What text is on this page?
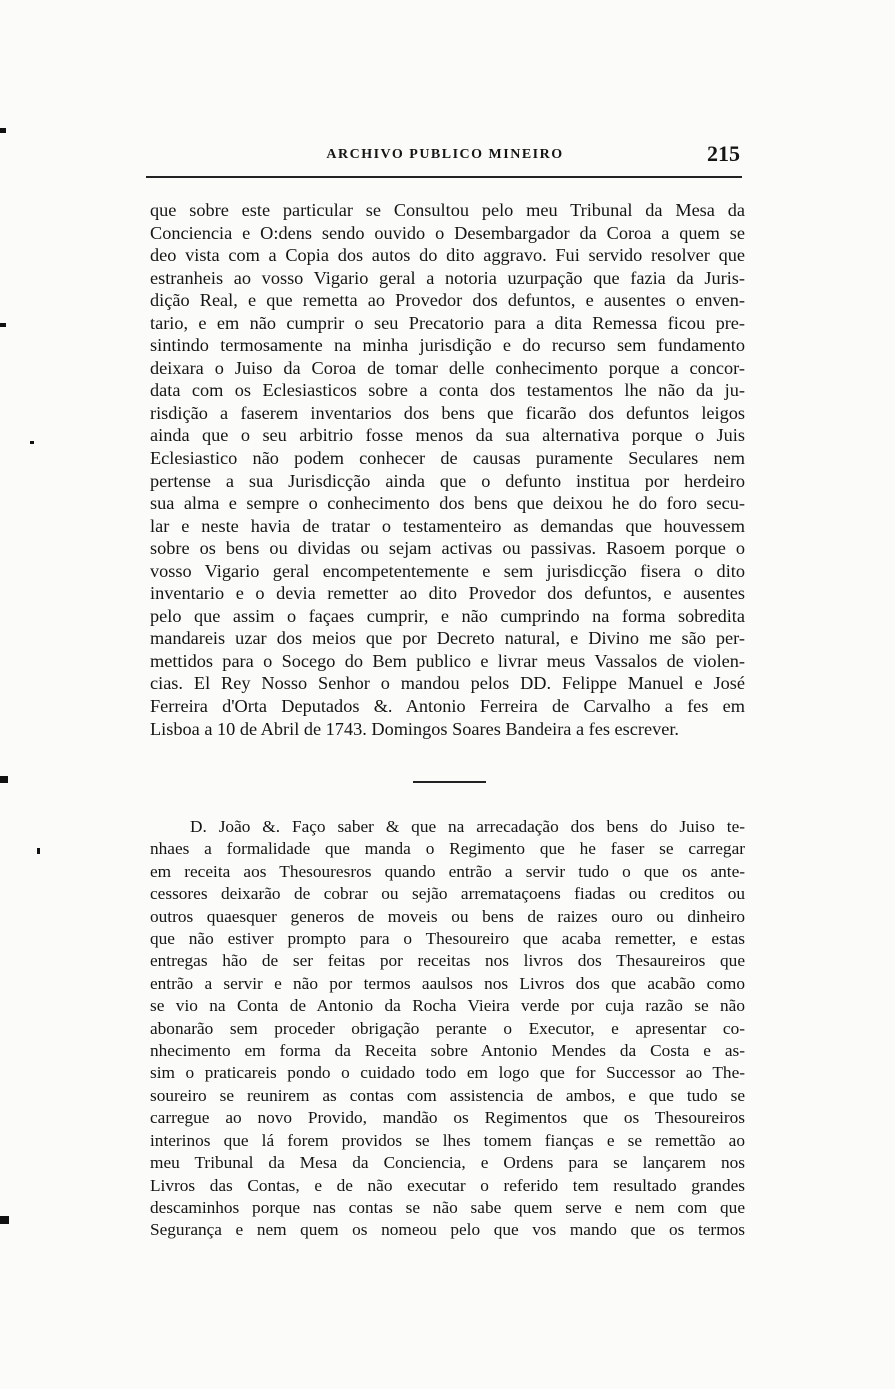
ARCHIVO PUBLICO MINEIRO	215
que sobre este particular se Consultou pelo meu Tribunal da Mesa da
Conciencia e O:dens sendo ouvido o Desembargador da Coroa a quem se
deo vista com a Copia dos autos do dito aggravo. Fui servido resolver que
estranheis ao vosso Vigario geral a notoria uzurpação que fazia da Juris-
dição Real, e que remetta ao Provedor dos defuntos, e ausentes o enven-
tario, e em não cumprir o seu Precatorio para a dita Remessa ficou pre-
sintindo termosamente na minha jurisdição e do recurso sem fundamento
deixara o Juiso da Coroa de tomar delle conhecimento porque a concor-
data com os Eclesiasticos sobre a conta dos testamentos lhe não da ju-
risdição a faserem inventarios dos bens que ficarão dos defuntos leigos
ainda que o seu arbitrio fosse menos da sua alternativa porque o Juis
Eclesiastico não podem conhecer de causas puramente Seculares nem
pertense a sua Jurisdicção ainda que o defunto institua por herdeiro
sua alma e sempre o conhecimento dos bens que deixou he do foro secu-
lar e neste havia de tratar o testamenteiro as demandas que houvessem
sobre os bens ou dividas ou sejam activas ou passivas. Rasoem porque o
vosso Vigario geral encompetentemente e sem jurisdicção fisera o dito
inventario e o devia remetter ao dito Provedor dos defuntos, e ausentes
pelo que assim o façaes cumprir, e não cumprindo na forma sobredita
mandareis uzar dos meios que por Decreto natural, e Divino me são per-
mettidos para o Socego do Bem publico e livrar meus Vassalos de violen-
cias. El Rey Nosso Senhor o mandou pelos DD. Felippe Manuel e José
Ferreira d'Orta Deputados &. Antonio Ferreira de Carvalho a fes em
Lisboa a 10 de Abril de 1743. Domingos Soares Bandeira a fes escrever.
D. João &. Faço saber & que na arrecadação dos bens do Juiso te-
nhaes a formalidade que manda o Regimento que he faser se carregar
em receita aos Thesouresros quando entrão a servir tudo o que os ante-
cessores deixarão de cobrar ou sejão arremataçoens fiadas ou creditos ou
outros quaesquer generos de moveis ou bens de raizes ouro ou dinheiro
que não estiver prompto para o Thesoureiro que acaba remetter, e estas
entregas hão de ser feitas por receitas nos livros dos Thesaureiros que
entrão a servir e não por termos aaulsos nos Livros dos que acabão como
se vio na Conta de Antonio da Rocha Vieira verde por cuja razão se não
abonarão sem proceder obrigação perante o Executor, e apresentar co-
nhecimento em forma da Receita sobre Antonio Mendes da Costa e as-
sim o praticareis pondo o cuidado todo em logo que for Successor ao The-
soureiro se reunirem as contas com assistencia de ambos, e que tudo se
carregue ao novo Provido, mandão os Regimentos que os Thesoureiros
interinos que lá forem providos se lhes tomem fianças e se remettão ao
meu Tribunal da Mesa da Conciencia, e Ordens para se lançarem nos
Livros das Contas, e de não executar o referido tem resultado grandes
descaminhos porque nas contas se não sabe quem serve e nem com que
Segurança e nem quem os nomeou pelo que vos mando que os termos
